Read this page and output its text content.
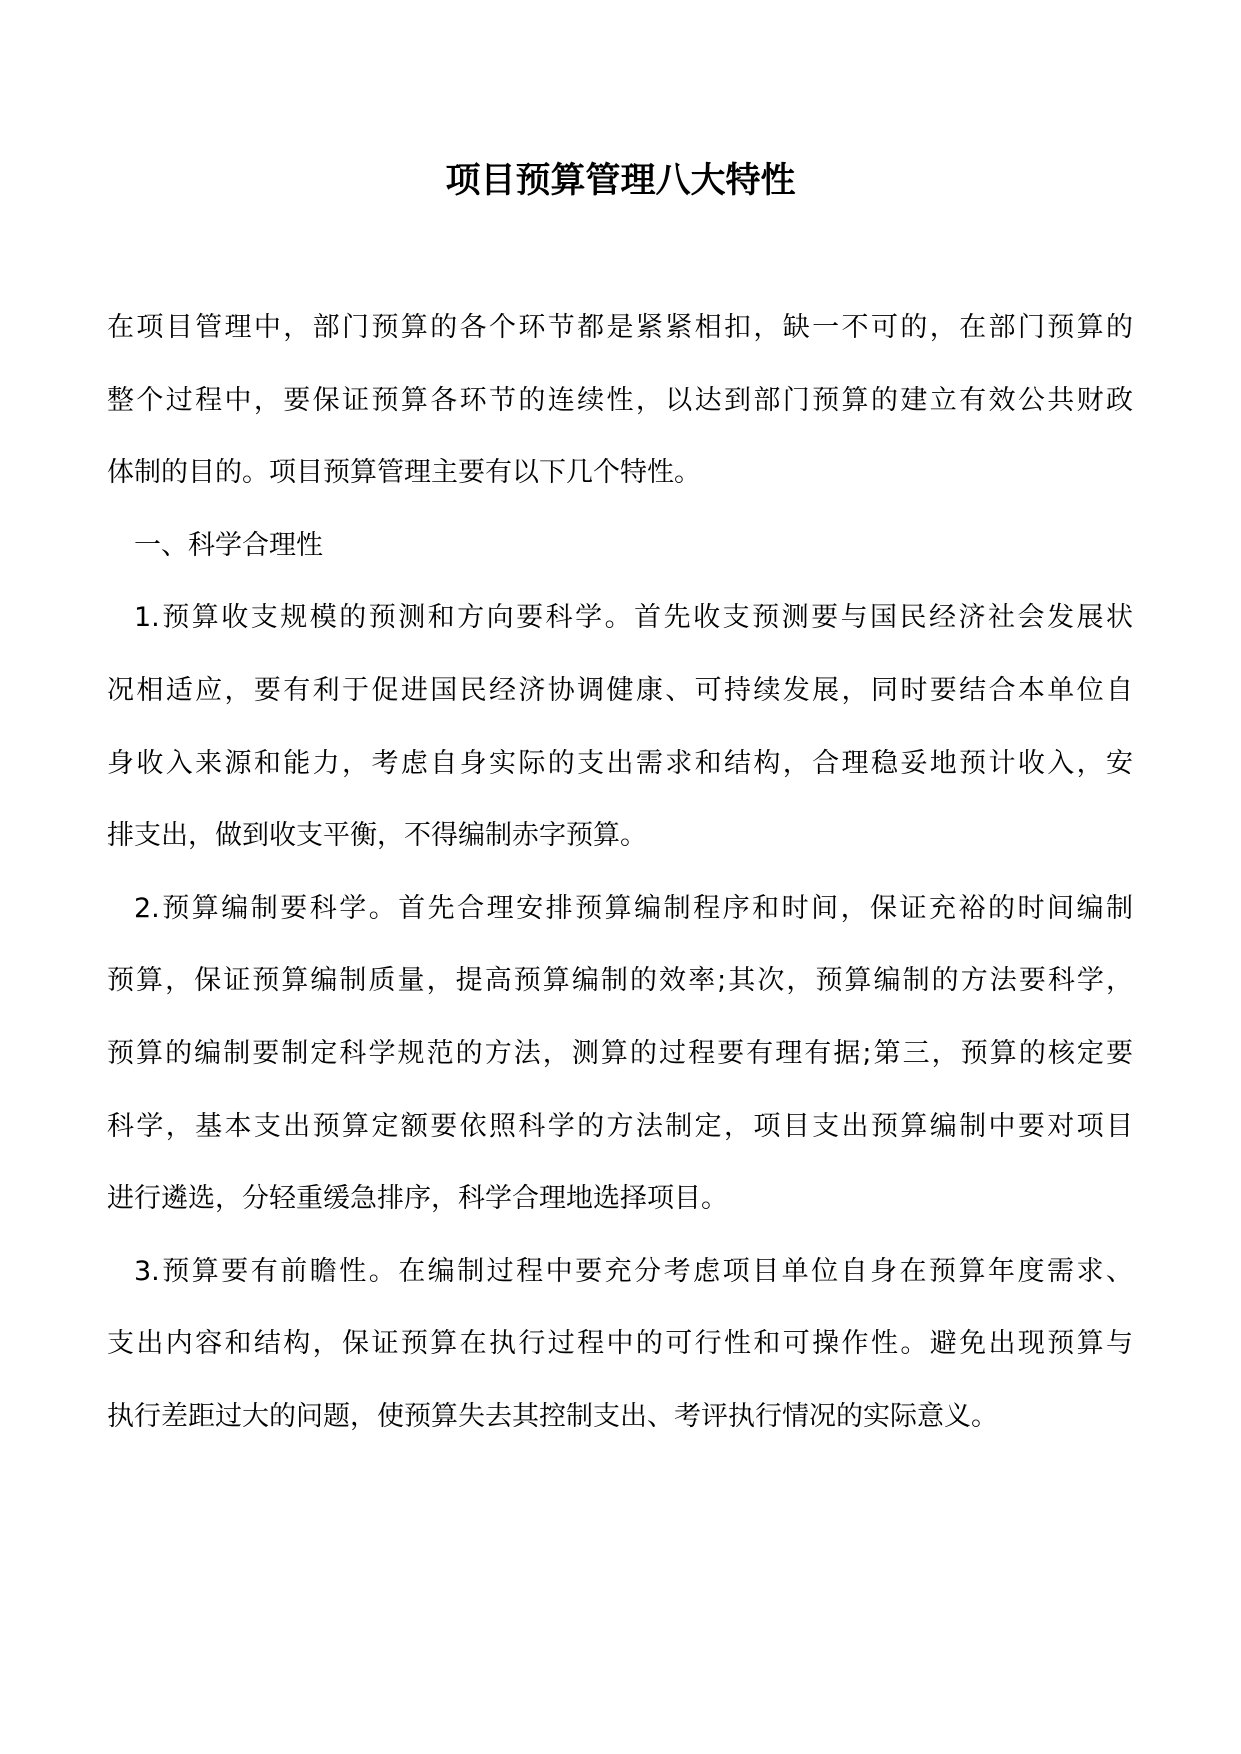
项目预算管理八大特性
在项目管理中，部门预算的各个环节都是紧紧相扣，缺一不可的，在部门预算的
整个过程中，要保证预算各环节的连续性，以达到部门预算的建立有效公共财政
体制的目的。项目预算管理主要有以下几个特性。
一、科学合理性
1.预算收支规模的预测和方向要科学。首先收支预测要与国民经济社会发展状
况相适应，要有利于促进国民经济协调健康、可持续发展，同时要结合本单位自
身收入来源和能力，考虑自身实际的支出需求和结构，合理稳妥地预计收入，安
排支出，做到收支平衡，不得编制赤字预算。
2.预算编制要科学。首先合理安排预算编制程序和时间，保证充裕的时间编制
预算，保证预算编制质量，提高预算编制的效率;其次，预算编制的方法要科学，
预算的编制要制定科学规范的方法，测算的过程要有理有据;第三，预算的核定要
科学，基本支出预算定额要依照科学的方法制定，项目支出预算编制中要对项目
进行遴选，分轻重缓急排序，科学合理地选择项目。
3.预算要有前瞻性。在编制过程中要充分考虑项目单位自身在预算年度需求、
支出内容和结构，保证预算在执行过程中的可行性和可操作性。避免出现预算与
执行差距过大的问题，使预算失去其控制支出、考评执行情况的实际意义。
